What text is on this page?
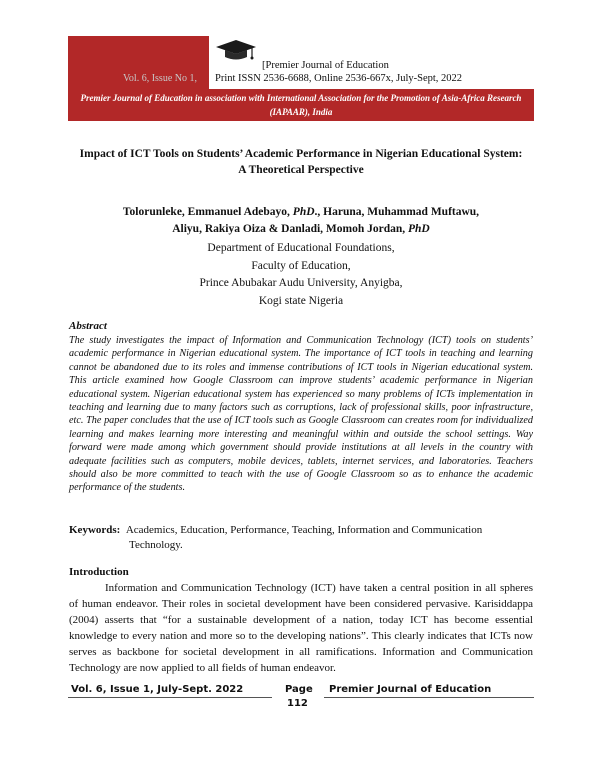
Vol. 6, Issue No 1,
[Premier Journal of Education
Print ISSN 2536-6688, Online 2536-667x, July-Sept, 2022
Premier Journal of Education in association with International Association for the Promotion of Asia-Africa Research (IAPAAR), India
Impact of ICT Tools on Students’ Academic Performance in Nigerian Educational System:
A Theoretical Perspective
Tolorunleke, Emmanuel Adebayo, PhD., Haruna, Muhammad Muftawu,
Aliyu, Rakiya Oiza & Danladi, Momoh Jordan, PhD
Department of Educational Foundations,
Faculty of Education,
Prince Abubakar Audu University, Anyigba,
Kogi state Nigeria
Abstract
The study investigates the impact of Information and Communication Technology (ICT) tools on students’ academic performance in Nigerian educational system. The importance of ICT tools in teaching and learning cannot be abandoned due to its roles and immense contributions of ICT tools in Nigerian educational system. This article examined how Google Classroom can improve students’ academic performance in Nigerian educational system. Nigerian educational system has experienced so many problems of ICTs implementation in teaching and learning due to many factors such as corruptions, lack of professional skills, poor infrastructure, etc. The paper concludes that the use of ICT tools such as Google Classroom can creates room for individualized learning and makes learning more interesting and meaningful within and outside the school settings. Way forward were made among which government should provide institutions at all levels in the country with adequate facilities such as computers, mobile devices, tablets, internet services, and laboratories. Teachers should also be more committed to teach with the use of Google Classroom so as to enhance the academic performance of the students.
Keywords: Academics, Education, Performance, Teaching, Information and Communication Technology.
Introduction
Information and Communication Technology (ICT) have taken a central position in all spheres of human endeavor. Their roles in societal development have been considered pervasive. Karisiddappa (2004) asserts that “for a sustainable development of a nation, today ICT has become essential knowledge to every nation and more so to the developing nations”. This clearly indicates that ICTs now serves as backbone for societal development in all ramifications. Information and Communication Technology are now applied to all fields of human endeavor.
Vol. 6, Issue 1, July-Sept. 2022	Page
112
Premier Journal of Education
